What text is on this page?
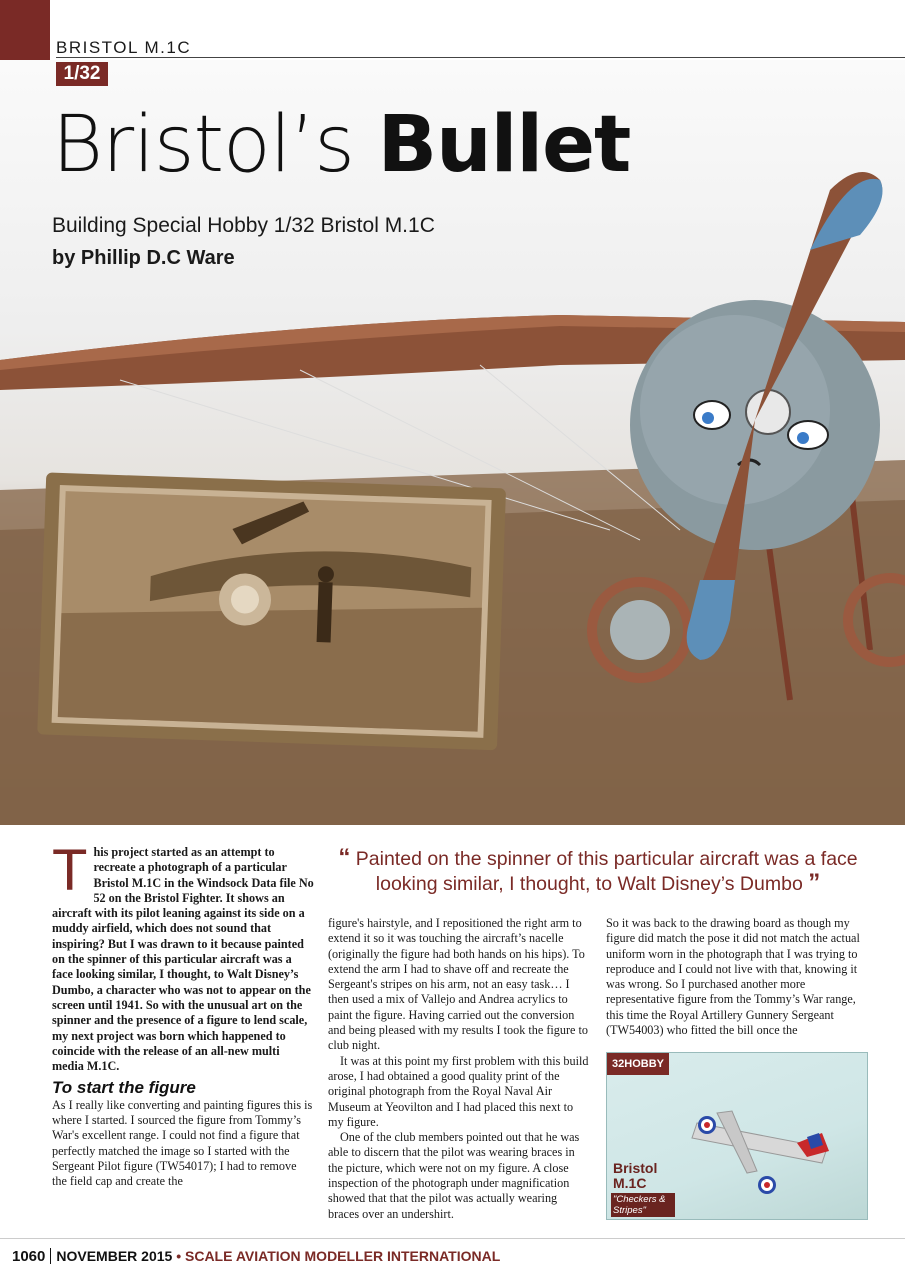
BRISTOL M.1C
1/32
Bristol’s Bullet
Building Special Hobby 1/32 Bristol M.1C
by Phillip D.C Ware
“ Painted on the spinner of this particular aircraft was a face looking similar, I thought, to Walt Disney’s Dumbo ”

This project started as an attempt to recreate a photograph of a particular Bristol M.1C in the Windsock Data file No 52 on the Bristol Fighter. It shows an aircraft with its pilot leaning against its side on a muddy airfield, which does not sound that inspiring? But I was drawn to it because painted on the spinner of this particular aircraft was a face looking similar, I thought, to Walt Disney’s Dumbo, a character who was not to appear on the screen until 1941. So with the unusual art on the spinner and the presence of a figure to lend scale, my next project was born which happened to coincide with the release of an all-new multi media M.1C.

To start the figure

As I really like converting and painting figures this is where I started. I sourced the figure from Tommy’s War's excellent range. I could not find a figure that perfectly matched the image so I started with the Sergeant Pilot figure (TW54017); I had to remove the field cap and create the

figure's hairstyle, and I repositioned the right arm to extend it so it was touching the aircraft’s nacelle (originally the figure had both hands on his hips). To extend the arm I had to shave off and recreate the Sergeant's stripes on his arm, not an easy task… I then used a mix of Vallejo and Andrea acrylics to paint the figure. Having carried out the conversion and being pleased with my results I took the figure to club night.

It was at this point my first problem with this build arose, I had obtained a good quality print of the original photograph from the Royal Naval Air Museum at Yeovilton and I had placed this next to my figure.

One of the club members pointed out that he was able to discern that the pilot was wearing braces in the picture, which were not on my figure. A close inspection of the photograph under magnification showed that that the pilot was actually wearing braces over an undershirt.

So it was back to the drawing board as though my figure did match the pose it did not match the actual uniform worn in the photograph that I was trying to reproduce and I could not live with that, knowing it was wrong. So I purchased another more representative figure from the Tommy’s War range, this time the Royal Artillery Gunnery Sergeant (TW54003) who fitted the bill once the

32HOBBY
Bristol
M.1C
"Checkers & Stripes"
1060 NOVEMBER 2015 • SCALE AVIATION MODELLER INTERNATIONAL
